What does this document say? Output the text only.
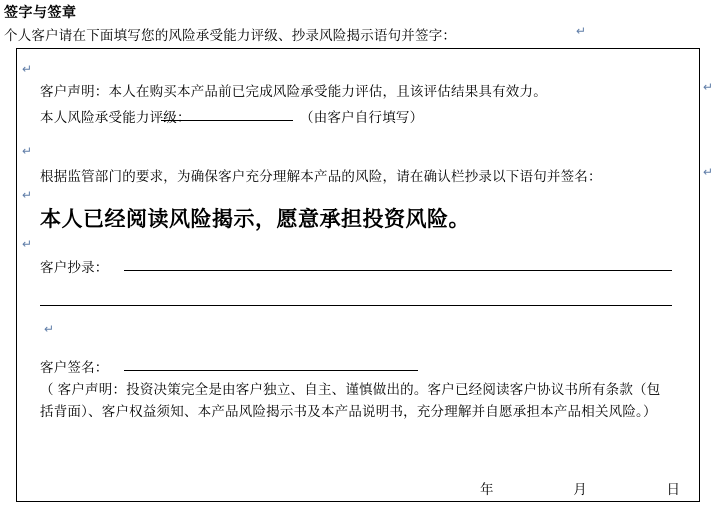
签字与签章
个人客户请在下面填写您的风险承受能力评级、抄录风险揭示语句并签字：	↵
↵
↵
↵
↵
↵
↵
↵
客户声明：本人在购买本产品前已完成风险承受能力评估，且该评估结果具有效力。
本人风险承受能力评级：	（由客户自行填写）
根据监管部门的要求，为确保客户充分理解本产品的风险，请在确认栏抄录以下语句并签名：
本人已经阅读风险揭示，愿意承担投资风险。
客户抄录：
客户签名：
（ 客户声明：投资决策完全是由客户独立、自主、谨慎做出的。客户已经阅读客户协议书所有条款（包括背面）、客户权益须知、本产品风险揭示书及本产品说明书，充分理解并自愿承担本产品相关风险。）
年	月	日
